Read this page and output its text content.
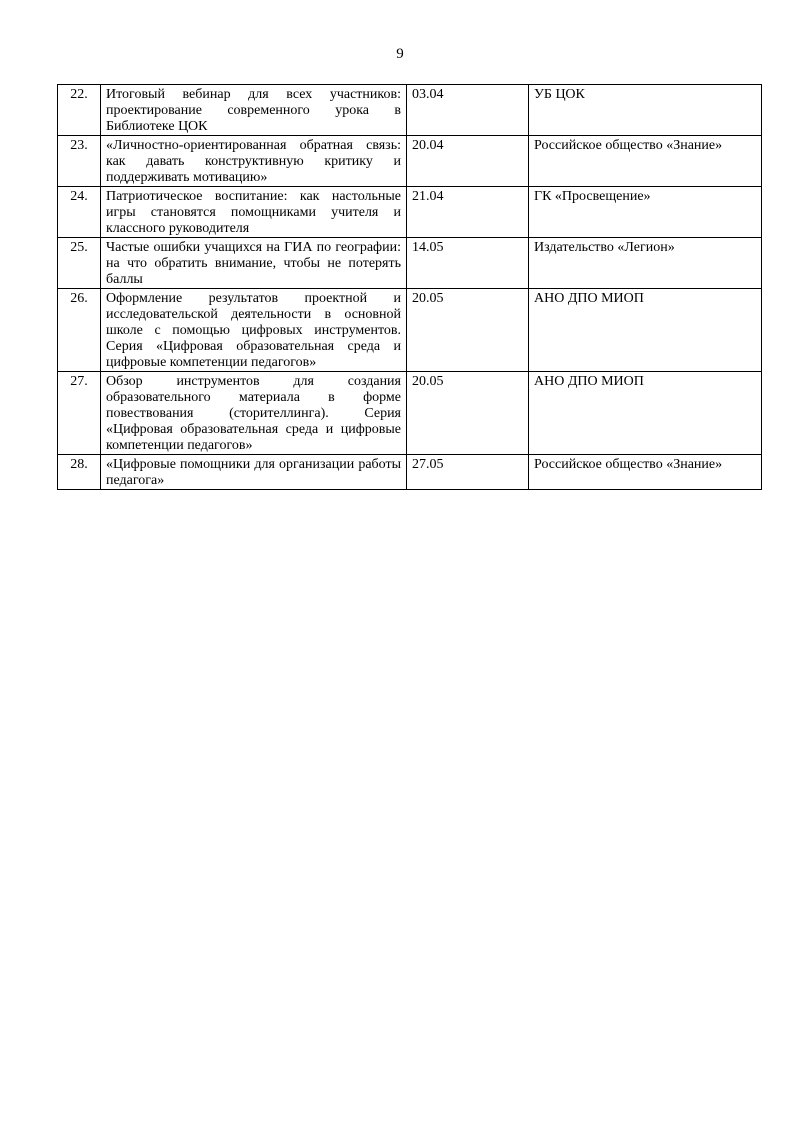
9
22.	Итоговый вебинар для всех участников: проектирование современного урока в Библиотеке ЦОК	03.04	УБ ЦОК
23.	«Личностно-ориентированная обратная связь: как давать конструктивную критику и поддерживать мотивацию»	20.04	Российское общество «Знание»
24.	Патриотическое воспитание: как настольные игры становятся помощниками учителя и классного руководителя	21.04	ГК «Просвещение»
25.	Частые ошибки учащихся на ГИА по географии: на что обратить внимание, чтобы не потерять баллы	14.05	Издательство «Легион»
26.	Оформление результатов проектной и исследовательской деятельности в основной школе с помощью цифровых инструментов. Серия «Цифровая образовательная среда и цифровые компетенции педагогов»	20.05	АНО ДПО МИОП
27.	Обзор инструментов для создания образовательного материала в форме повествования (сторителлинга). Серия «Цифровая образовательная среда и цифровые компетенции педагогов»	20.05	АНО ДПО МИОП
28.	«Цифровые помощники для организации работы педагога»	27.05	Российское общество «Знание»
